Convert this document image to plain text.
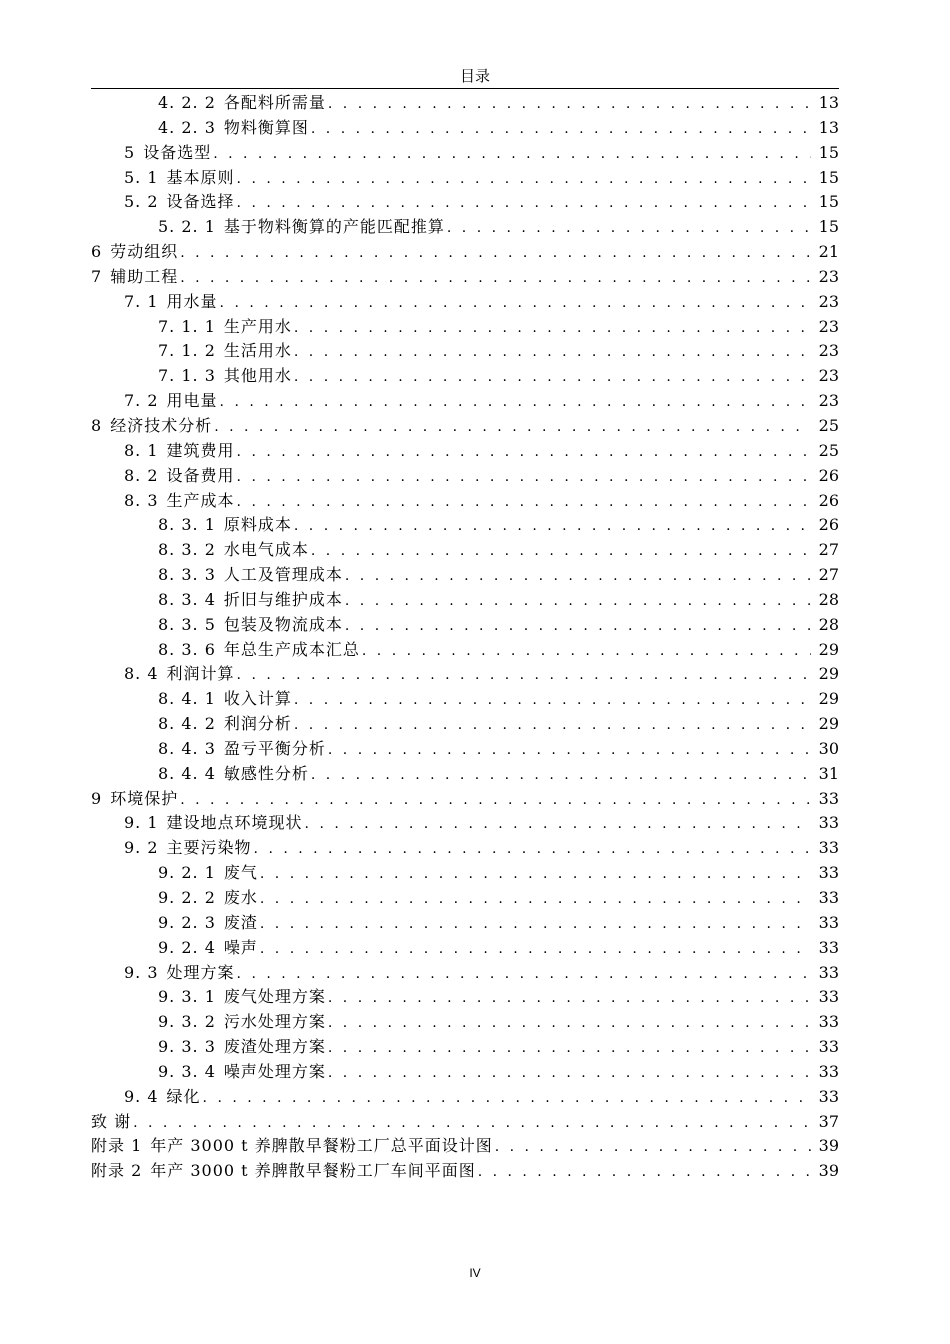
目录
4. 2. 2 各配料所需量 . . .	13
4. 2. 3 物料衡算图 . . .	13
5 设备选型 . . .	15
5. 1 基本原则 . . .	15
5. 2 设备选择 . . .	15
5. 2. 1 基于物料衡算的产能匹配推算 . . .	15
6 劳动组织 . . .	21
7 辅助工程 . . .	23
7. 1 用水量 . . .	23
7. 1. 1 生产用水 . . .	23
7. 1. 2 生活用水 . . .	23
7. 1. 3 其他用水 . . .	23
7. 2 用电量 . . .	23
8 经济技术分析 . . .	25
8. 1 建筑费用 . . .	25
8. 2 设备费用 . . .	26
8. 3 生产成本 . . .	26
8. 3. 1 原料成本 . . .	26
8. 3. 2 水电气成本 . . .	27
8. 3. 3 人工及管理成本 . . .	27
8. 3. 4 折旧与维护成本 . . .	28
8. 3. 5 包装及物流成本 . . .	28
8. 3. 6 年总生产成本汇总 . . .	29
8. 4 利润计算 . . .	29
8. 4. 1 收入计算 . . .	29
8. 4. 2 利润分析 . . .	29
8. 4. 3 盈亏平衡分析 . . .	30
8. 4. 4 敏感性分析 . . .	31
9 环境保护 . . .	33
9. 1 建设地点环境现状 . . .	33
9. 2 主要污染物 . . .	33
9. 2. 1 废气 . . .	33
9. 2. 2 废水 . . .	33
9. 2. 3 废渣 . . .	33
9. 2. 4 噪声 . . .	33
9. 3 处理方案 . . .	33
9. 3. 1 废气处理方案 . . .	33
9. 3. 2 污水处理方案 . . .	33
9. 3. 3 废渣处理方案 . . .	33
9. 3. 4 噪声处理方案 . . .	33
9. 4 绿化 . . .	33
致 谢 . . .	37
附录 1 年产 3000 t 养脾散早餐粉工厂总平面设计图 . . .	39
附录 2 年产 3000 t 养脾散早餐粉工厂车间平面图 . . .	39
IV
